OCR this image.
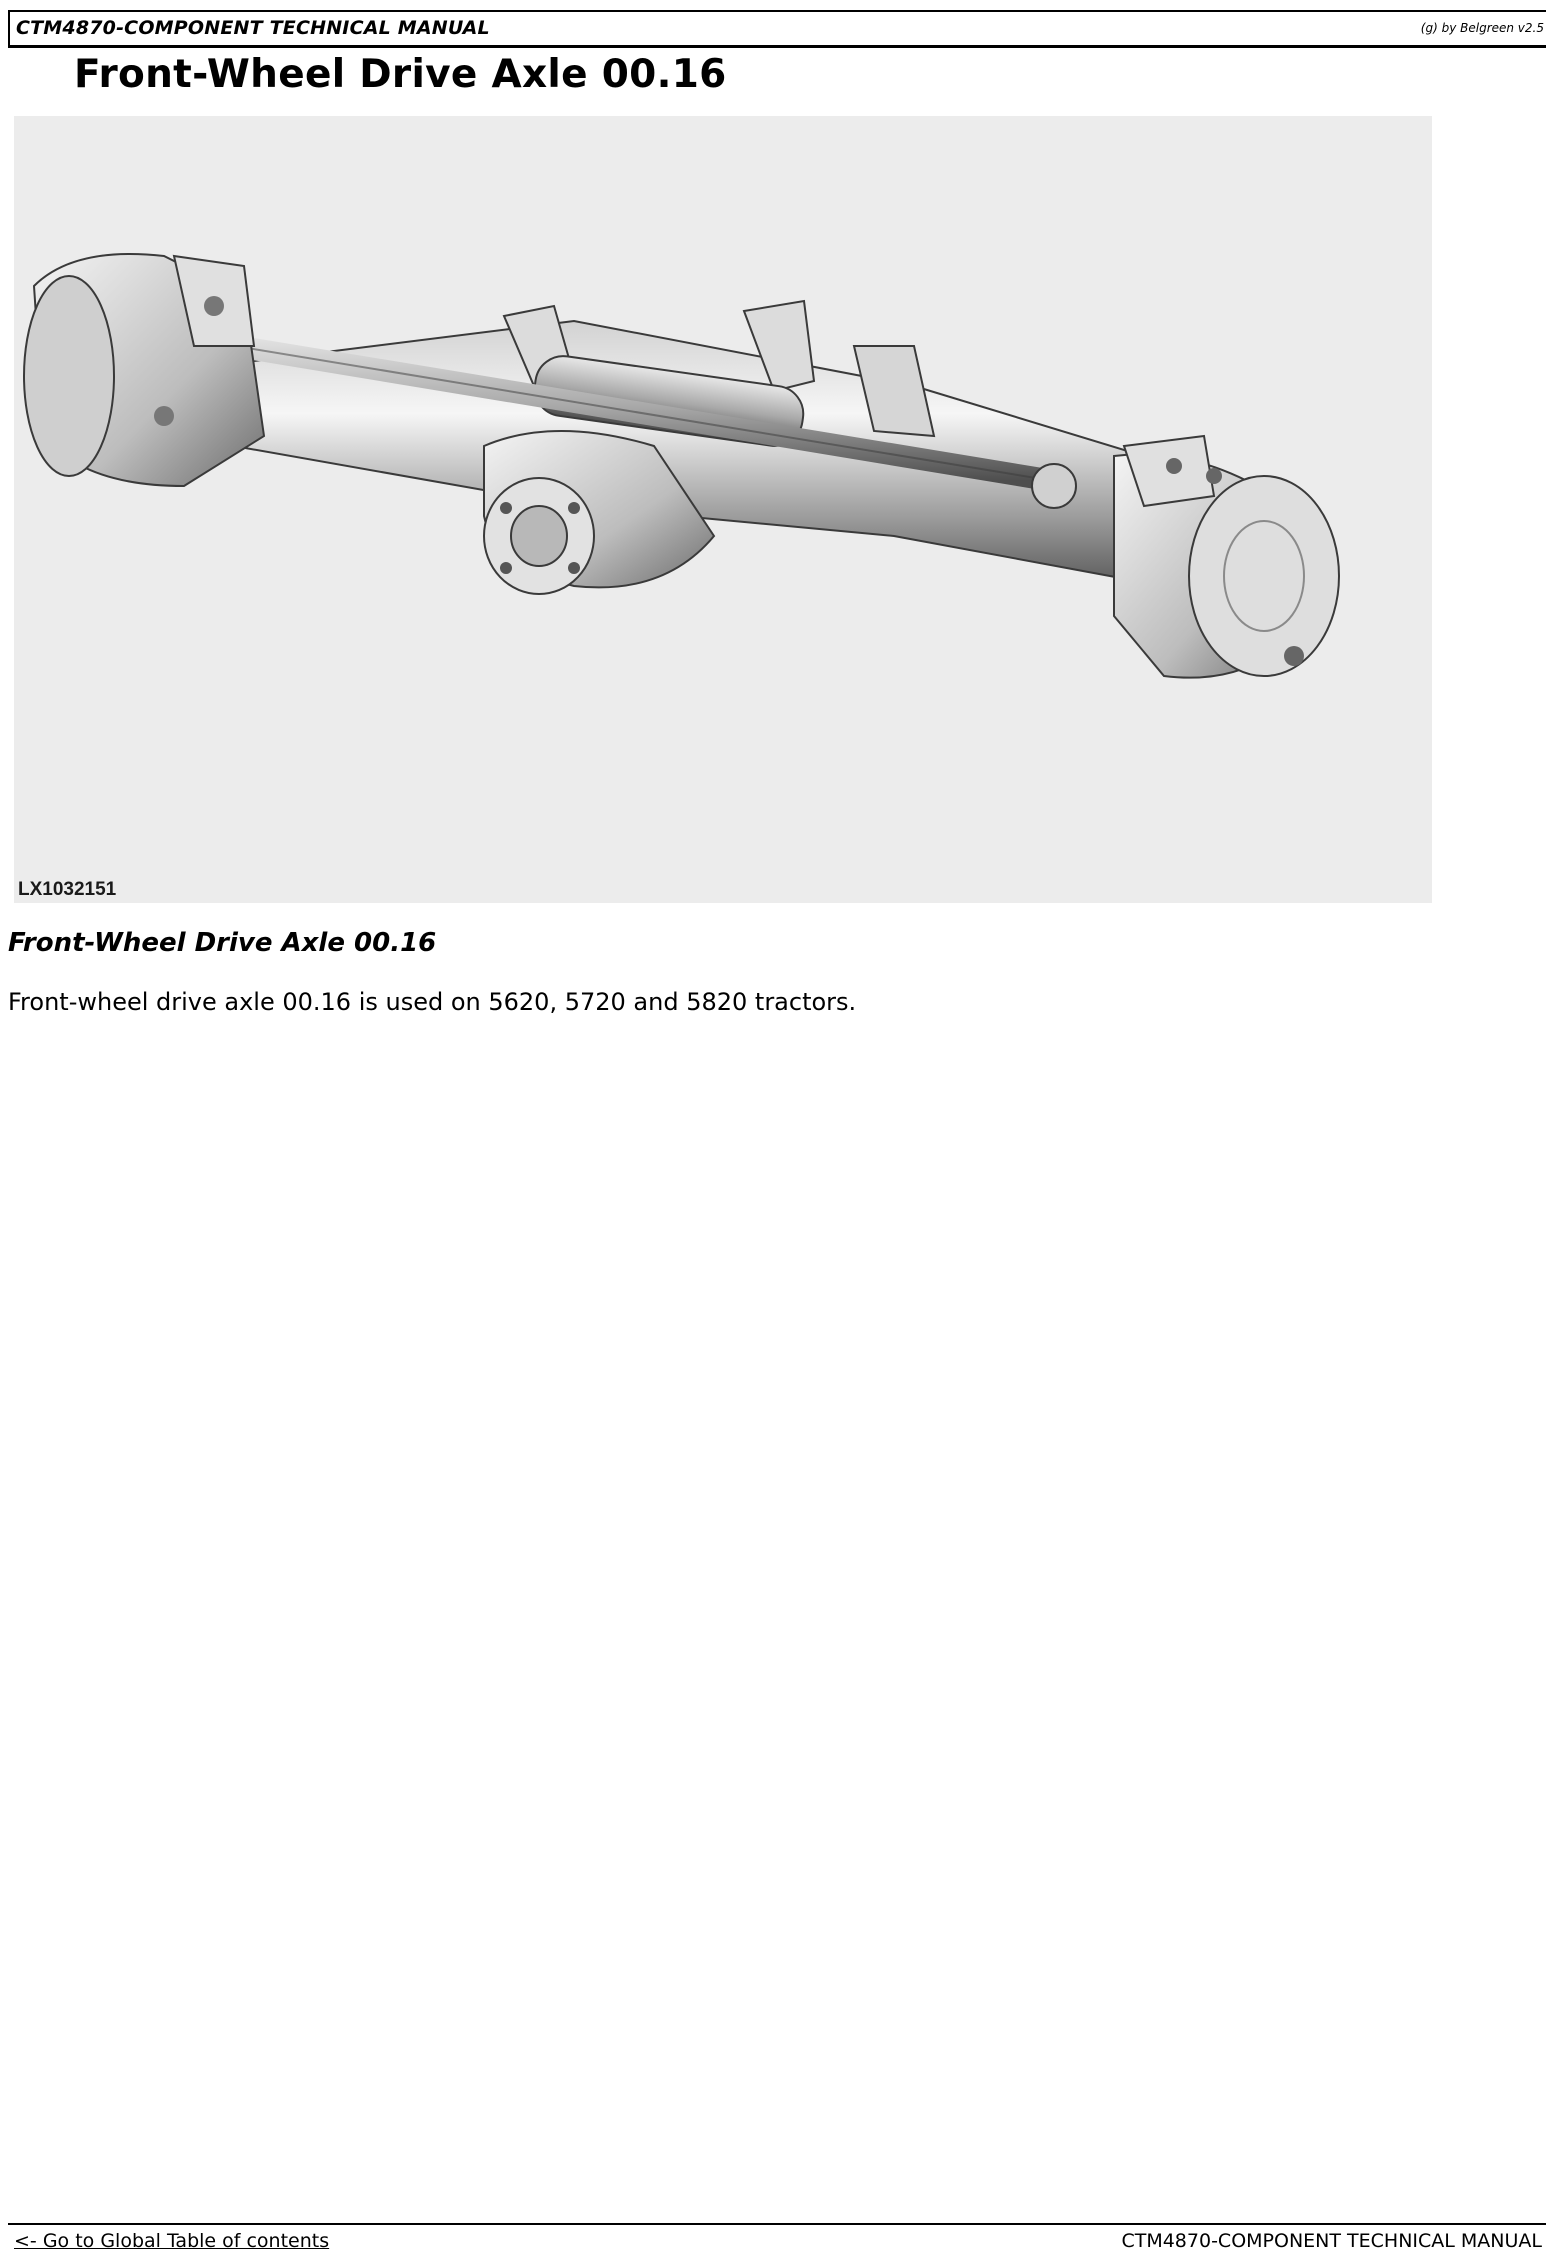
CTM4870-COMPONENT TECHNICAL MANUAL	(g) by Belgreen v2.5
Front-Wheel Drive Axle 00.16
LX1032151
Front-Wheel Drive Axle 00.16
Front-wheel drive axle 00.16 is used on 5620, 5720 and 5820 tractors.
<- Go to Global Table of contents	CTM4870-COMPONENT TECHNICAL MANUAL
